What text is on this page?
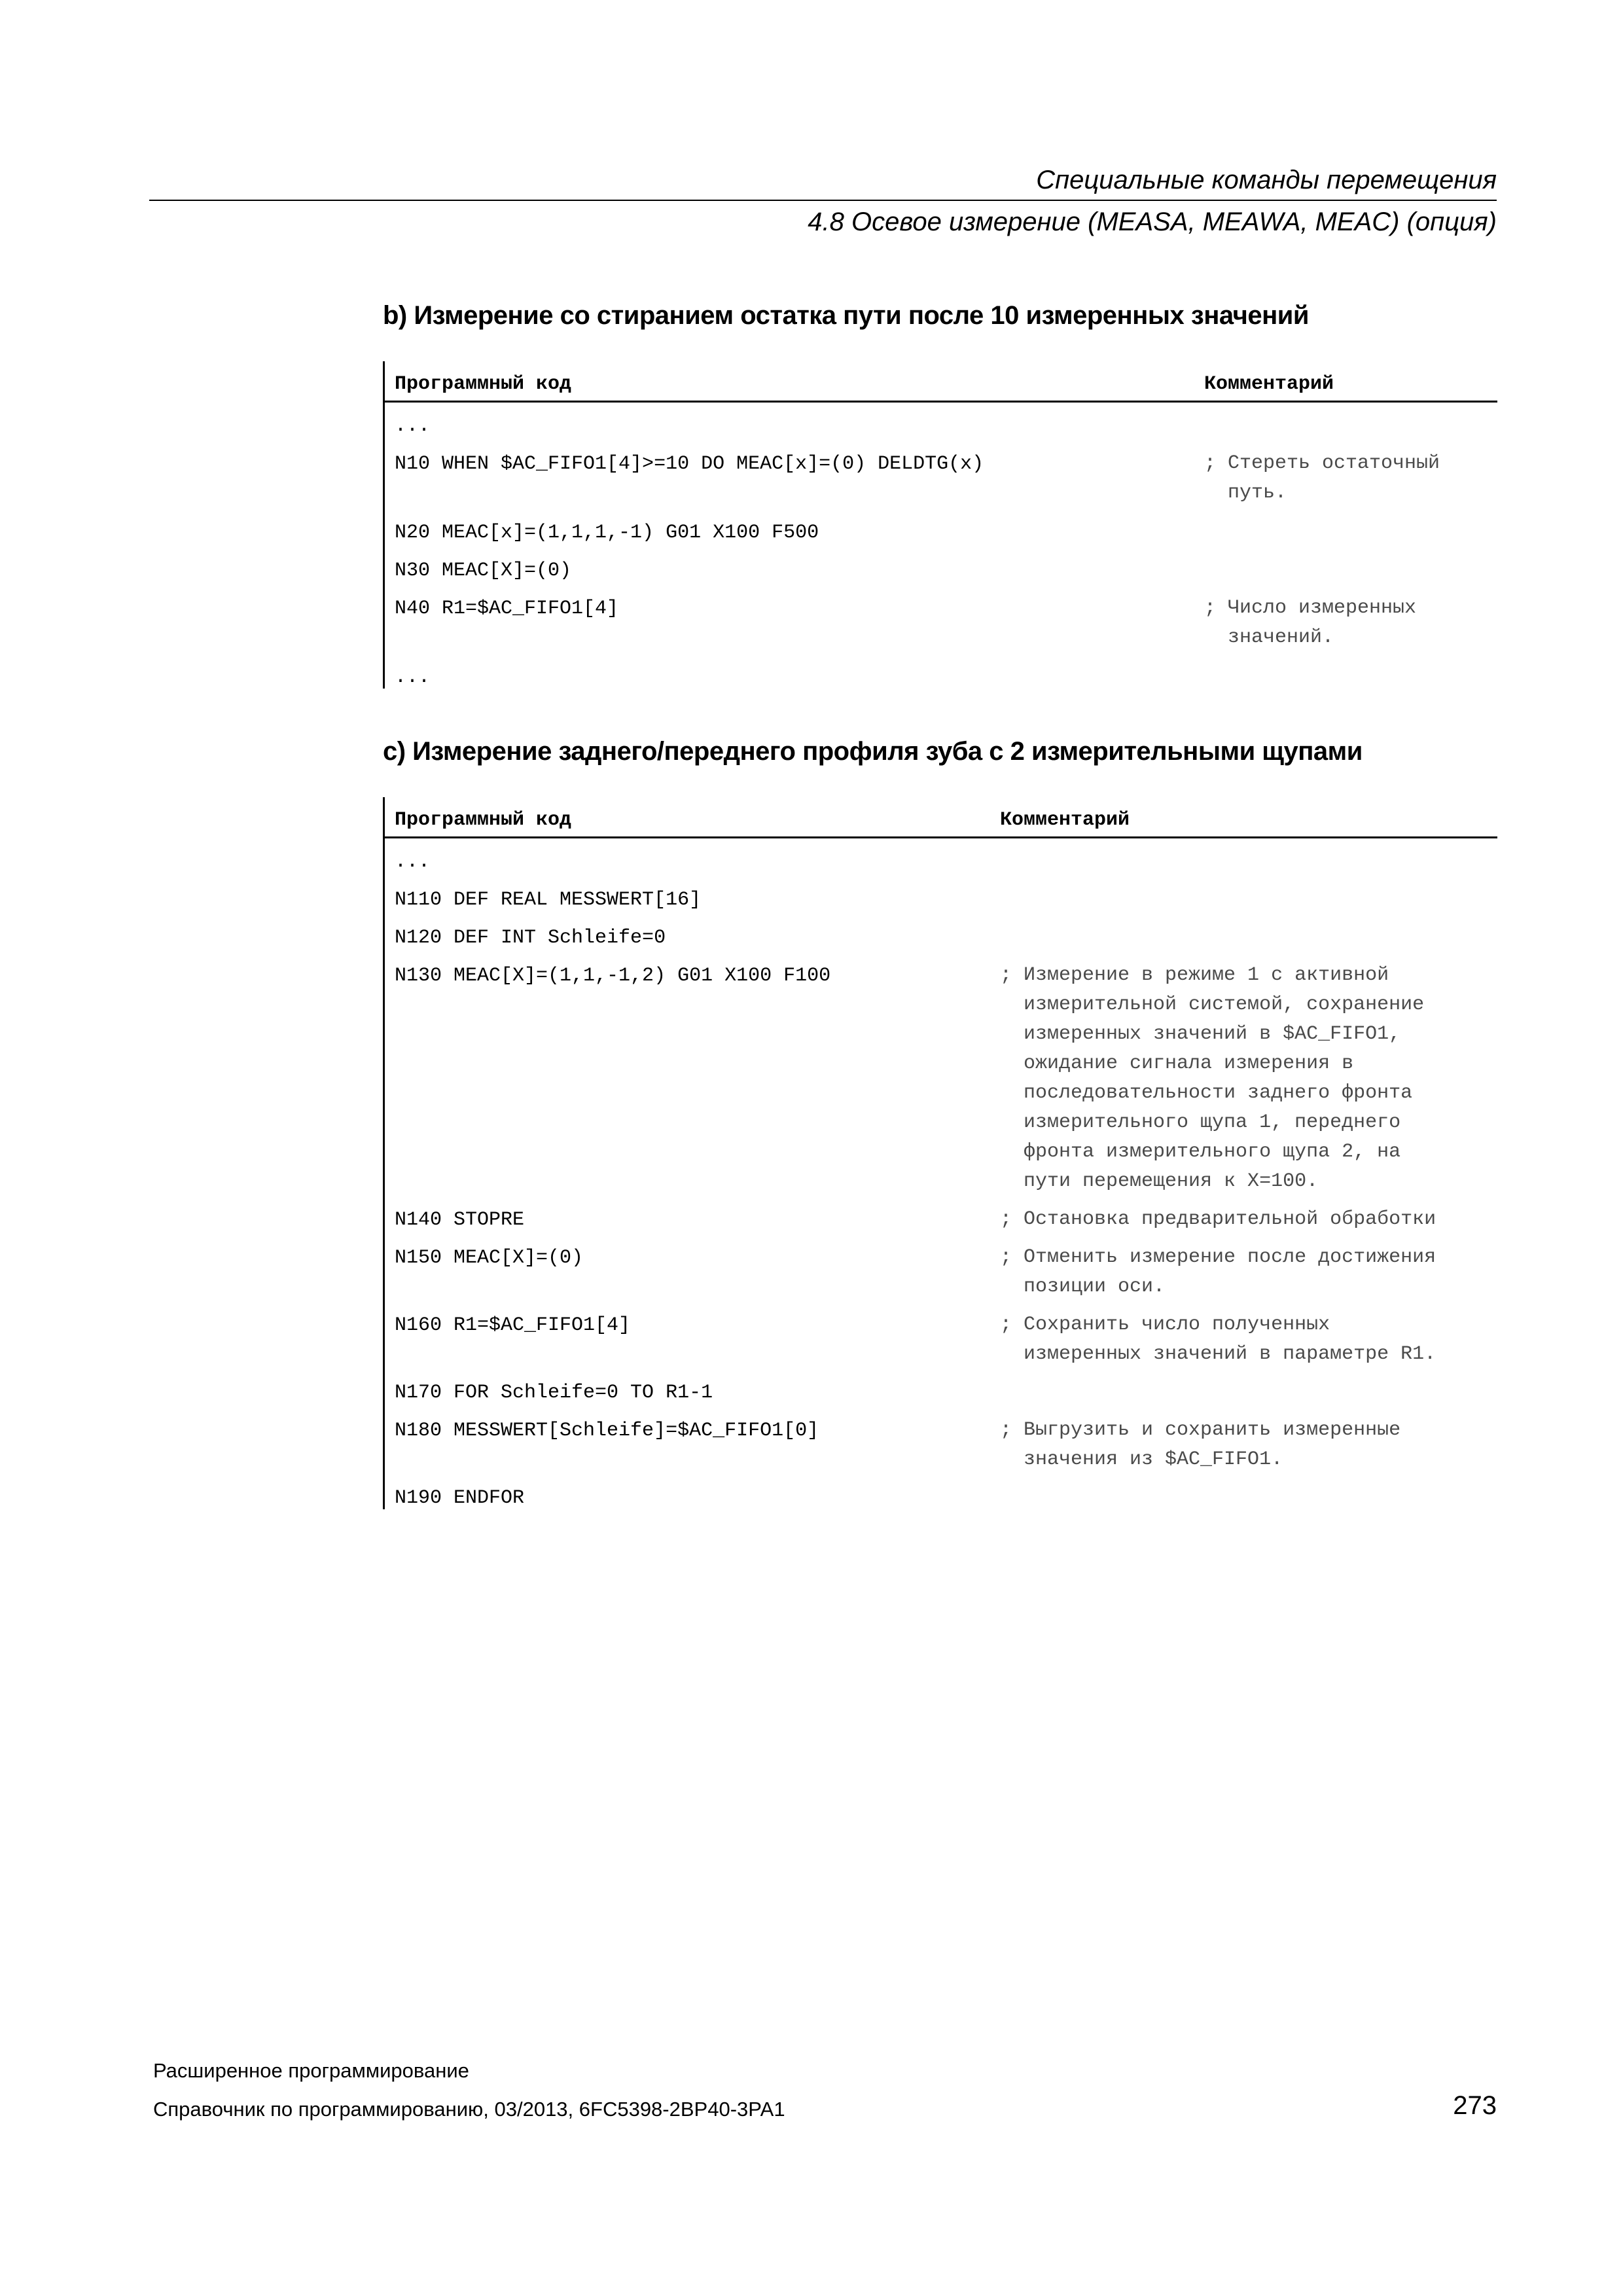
Специальные команды перемещения
4.8 Осевое измерение (MEASA, MEAWA, MEAC) (опция)
b) Измерение со стиранием остатка пути после 10 измеренных значений
Программный код	Комментарий
...
N10 WHEN $AC_FIFO1[4]>=10 DO MEAC[x]=(0) DELDTG(x)	; Стереть остаточный
путь.
N20 MEAC[x]=(1,1,1,-1) G01 X100 F500
N30 MEAC[X]=(0)
N40 R1=$AC_FIFO1[4]	; Число измеренных
значений.
...
c) Измерение заднего/переднего профиля зуба с 2 измерительными щупами
Программный код	Комментарий
...
N110 DEF REAL MESSWERT[16]
N120 DEF INT Schleife=0
N130 MEAC[X]=(1,1,-1,2) G01 X100 F100	; Измерение в режиме 1 с активной
измерительной системой, сохранение
измеренных значений в $AC_FIFO1,
ожидание сигнала измерения в
последовательности заднего фронта
измерительного щупа 1, переднего
фронта измерительного щупа 2, на
пути перемещения к X=100.
N140 STOPRE	; Остановка предварительной обработки
N150 MEAC[X]=(0)	; Отменить измерение после достижения
позиции оси.
N160 R1=$AC_FIFO1[4]	; Сохранить число полученных
измеренных значений в параметре R1.
N170 FOR Schleife=0 TO R1-1
N180 MESSWERT[Schleife]=$AC_FIFO1[0]	; Выгрузить и сохранить измеренные
значения из $AC_FIFO1.
N190 ENDFOR
Расширенное программирование
Справочник по программированию, 03/2013, 6FC5398-2BP40-3PA1	273
